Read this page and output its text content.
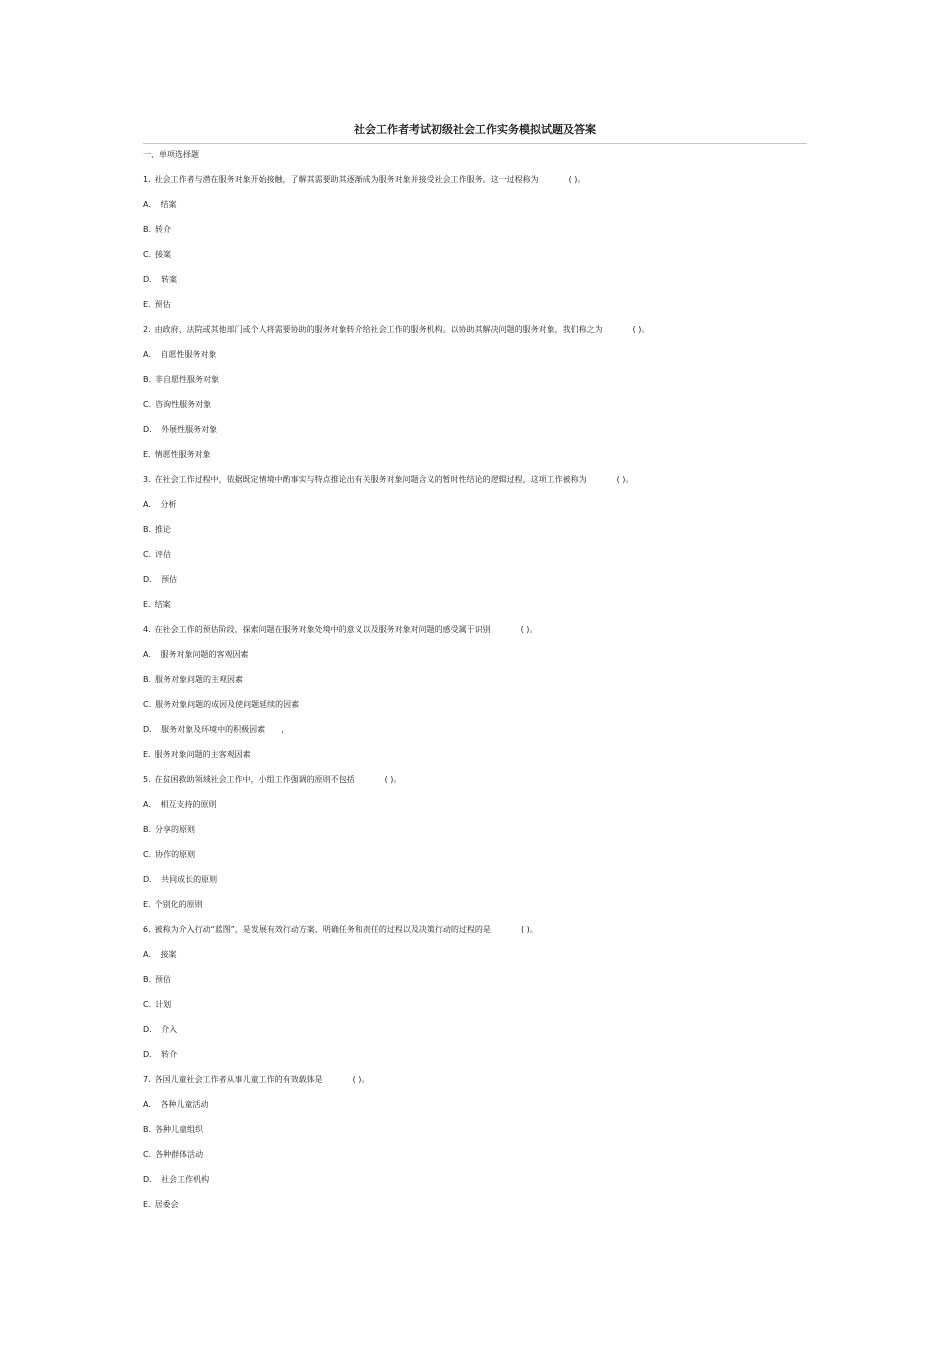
社会工作者考试初级社会工作实务模拟试题及答案
一、单项选择题
1. 社会工作者与潜在服务对象开始接触，了解其需要助其逐渐成为服务对象并接受社会工作服务。这一过程称为	( )。
A． 结案
B. 转介
C. 接案
D． 转案
E. 预估
2. 由政府、法院或其他部门或个人将需要协助的服务对象转介给社会工作的服务机构。以协助其解决问题的服务对象，我们称之为	( )。
A． 自愿性服务对象
B. 非自愿性服务对象
C. 咨询性服务对象
D． 外展性服务对象
E. 情愿性服务对象
3. 在社会工作过程中，依据既定情境中酌事实与特点推论出有关服务对象问题含义的暂时性结论的逻辑过程，这项工作被称为	( )。
A． 分析
B. 推论
C. 评估
D． 预估
E. 结案
4. 在社会工作的预估阶段，探索问题在服务对象处境中的意义以及服务对象对问题的感受属于识别	( )。
A． 服务对象问题的客观因素
B. 服务对象问题的主观因素
C. 服务对象问题的成因及使问题延续的因素
D． 服务对象及环境中的积极因素　　，
E. 服务对象问题的主客观因素
5. 在贫困救助领域社会工作中，小组工作强调的原则不包括	( )。
A． 相互支持的原则
B. 分享的原则
C. 协作的原则
D． 共同成长的原则
E. 个别化的原则
6. 被称为介入行动“蓝图”，是发展有效行动方案、明确任务和责任的过程以及决策行动的过程的是	( )。
A． 接案
B. 预估
C. 计划
D． 介入
D． 转介
7. 各国儿童社会工作者从事儿童工作的有效载体是	( )。
A． 各种儿童活动
B. 各种儿童组织
C. 各种群体活动
D． 社会工作机构
E. 居委会
